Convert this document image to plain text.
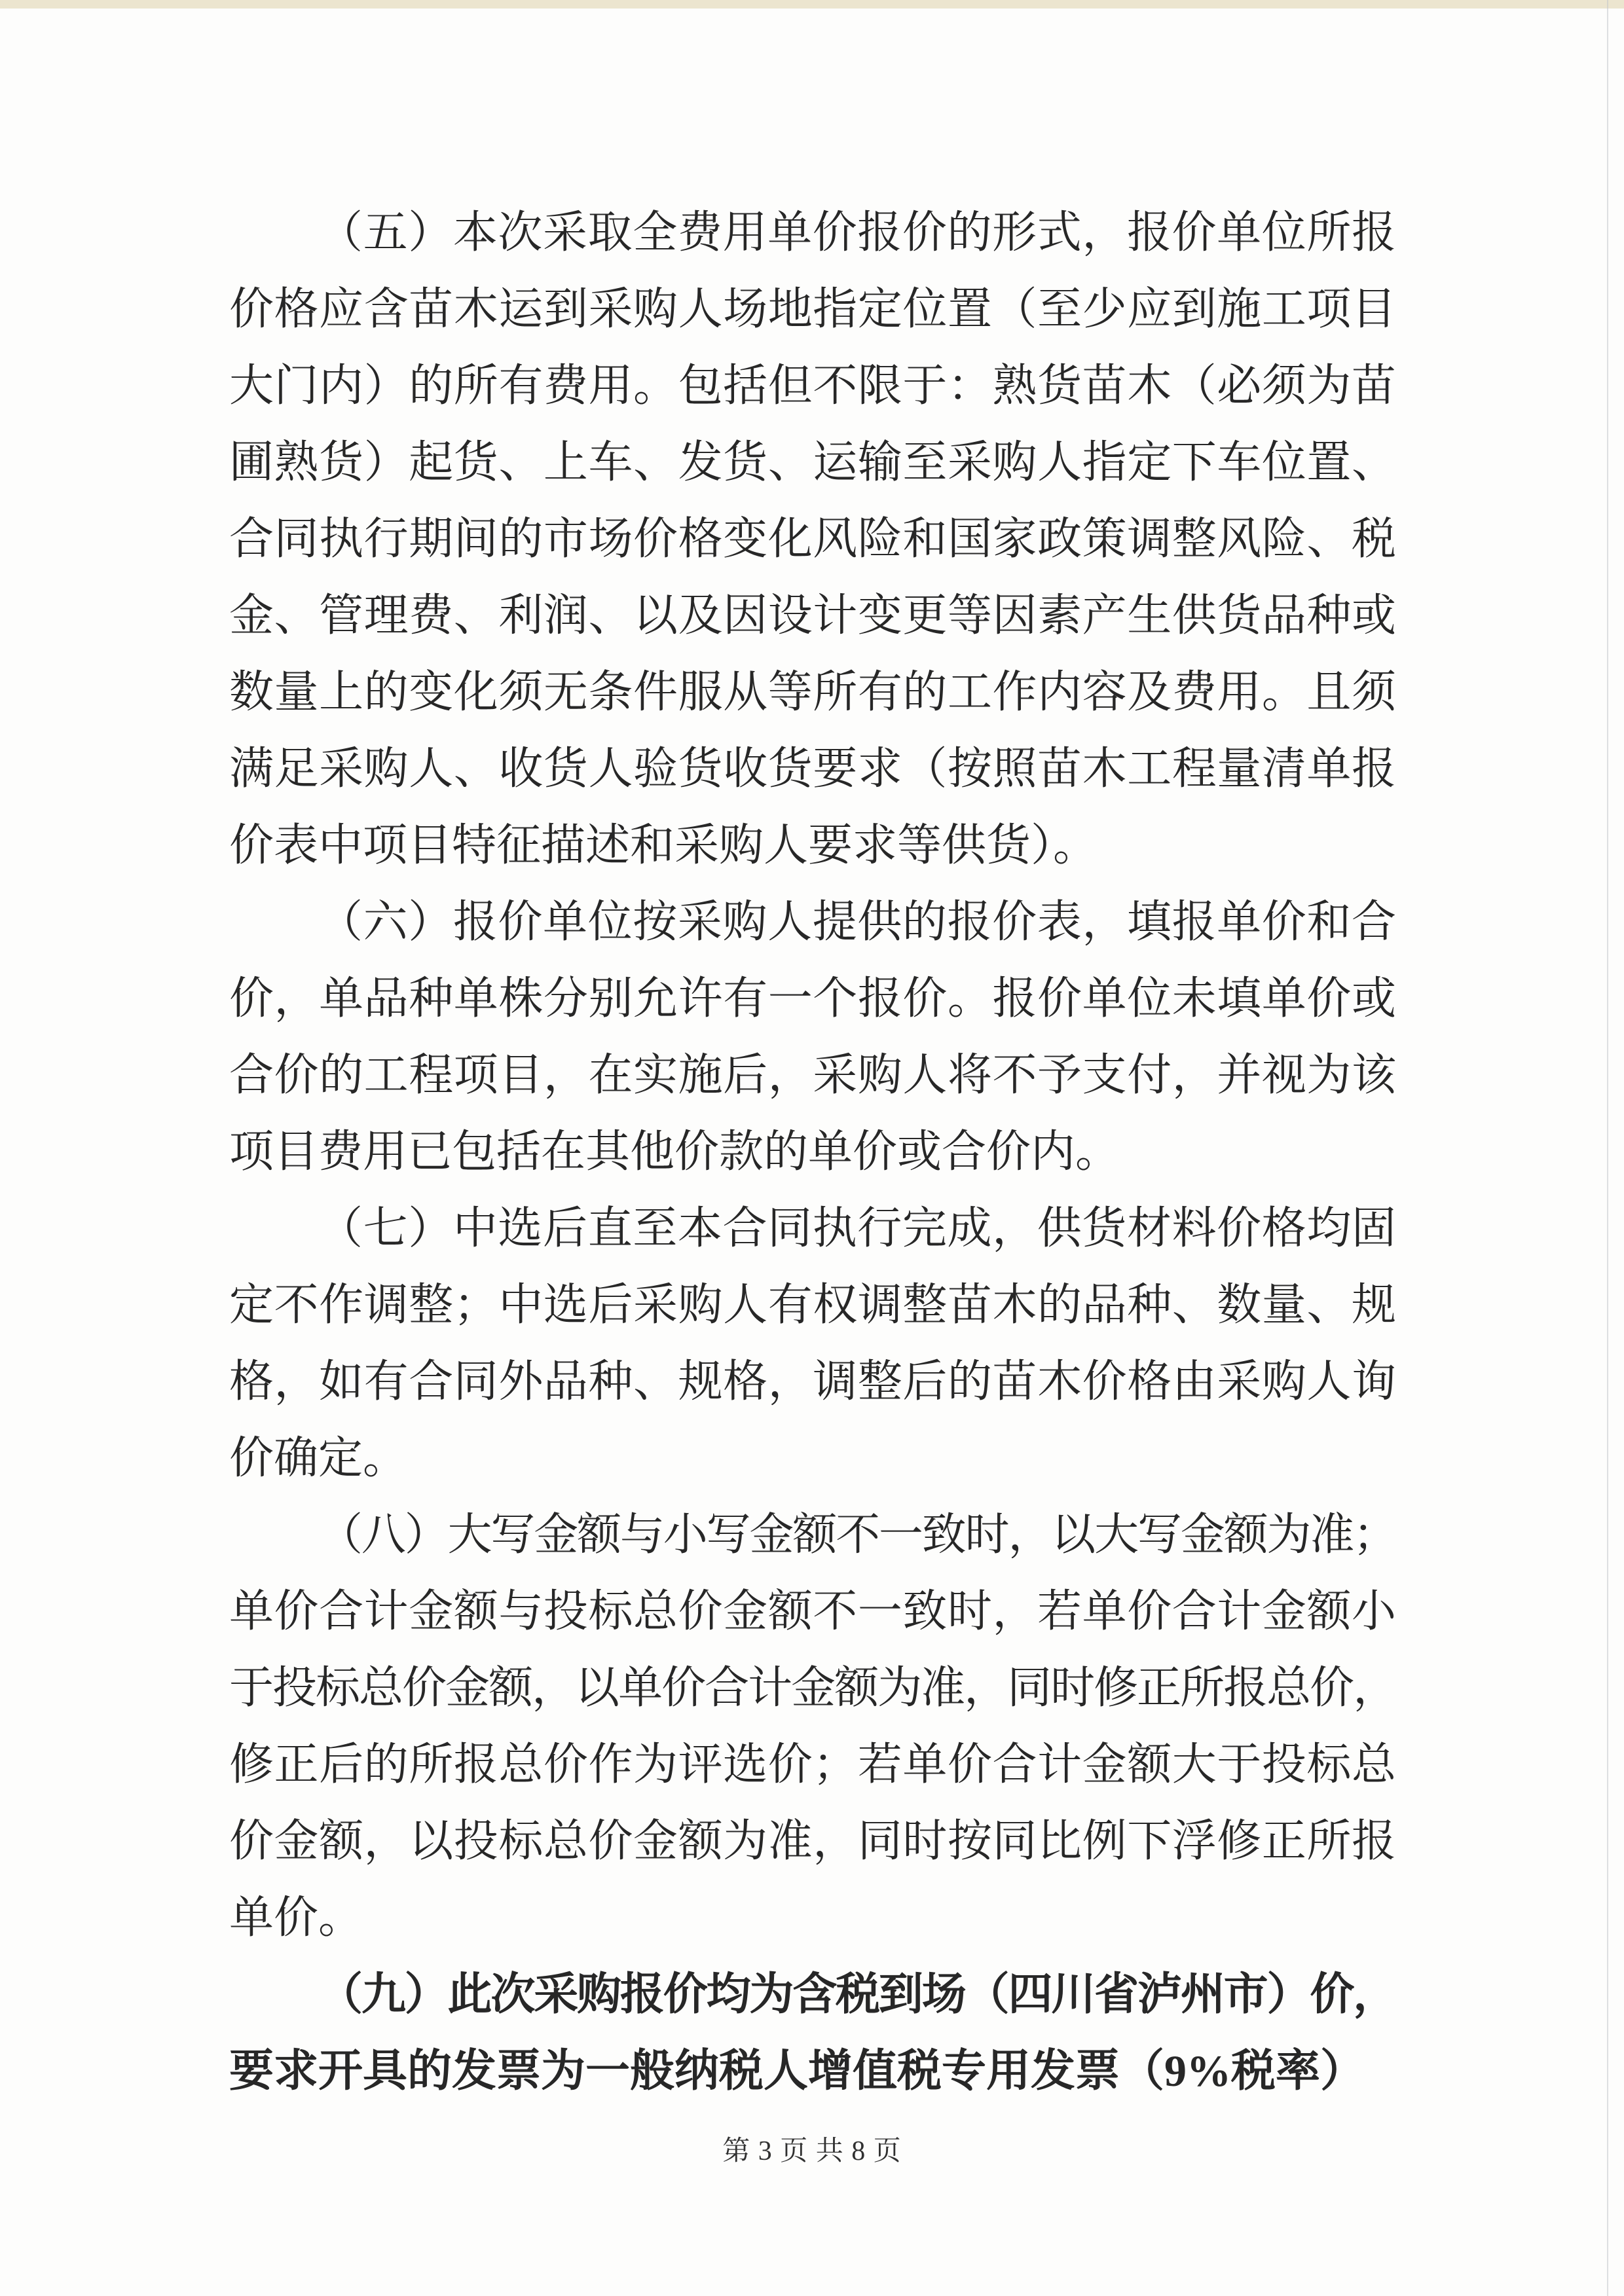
（五）本次采取全费用单价报价的形式，报价单位所报
价格应含苗木运到采购人场地指定位置（至少应到施工项目
大门内）的所有费用。包括但不限于：熟货苗木（必须为苗
圃熟货）起货、上车、发货、运输至采购人指定下车位置、
合同执行期间的市场价格变化风险和国家政策调整风险、税
金、管理费、利润、以及因设计变更等因素产生供货品种或
数量上的变化须无条件服从等所有的工作内容及费用。且须
满足采购人、收货人验货收货要求（按照苗木工程量清单报
价表中项目特征描述和采购人要求等供货）。
（六）报价单位按采购人提供的报价表，填报单价和合
价，单品种单株分别允许有一个报价。报价单位未填单价或
合价的工程项目，在实施后，采购人将不予支付，并视为该
项目费用已包括在其他价款的单价或合价内。
（七）中选后直至本合同执行完成，供货材料价格均固
定不作调整；中选后采购人有权调整苗木的品种、数量、规
格，如有合同外品种、规格，调整后的苗木价格由采购人询
价确定。
（八）大写金额与小写金额不一致时，以大写金额为准；
单价合计金额与投标总价金额不一致时，若单价合计金额小
于投标总价金额，以单价合计金额为准，同时修正所报总价，
修正后的所报总价作为评选价；若单价合计金额大于投标总
价金额，以投标总价金额为准，同时按同比例下浮修正所报
单价。
（九）此次采购报价均为含税到场（四川省泸州市）价，
要求开具的发票为一般纳税人增值税专用发票（9%税率）
第 3 页 共 8 页
